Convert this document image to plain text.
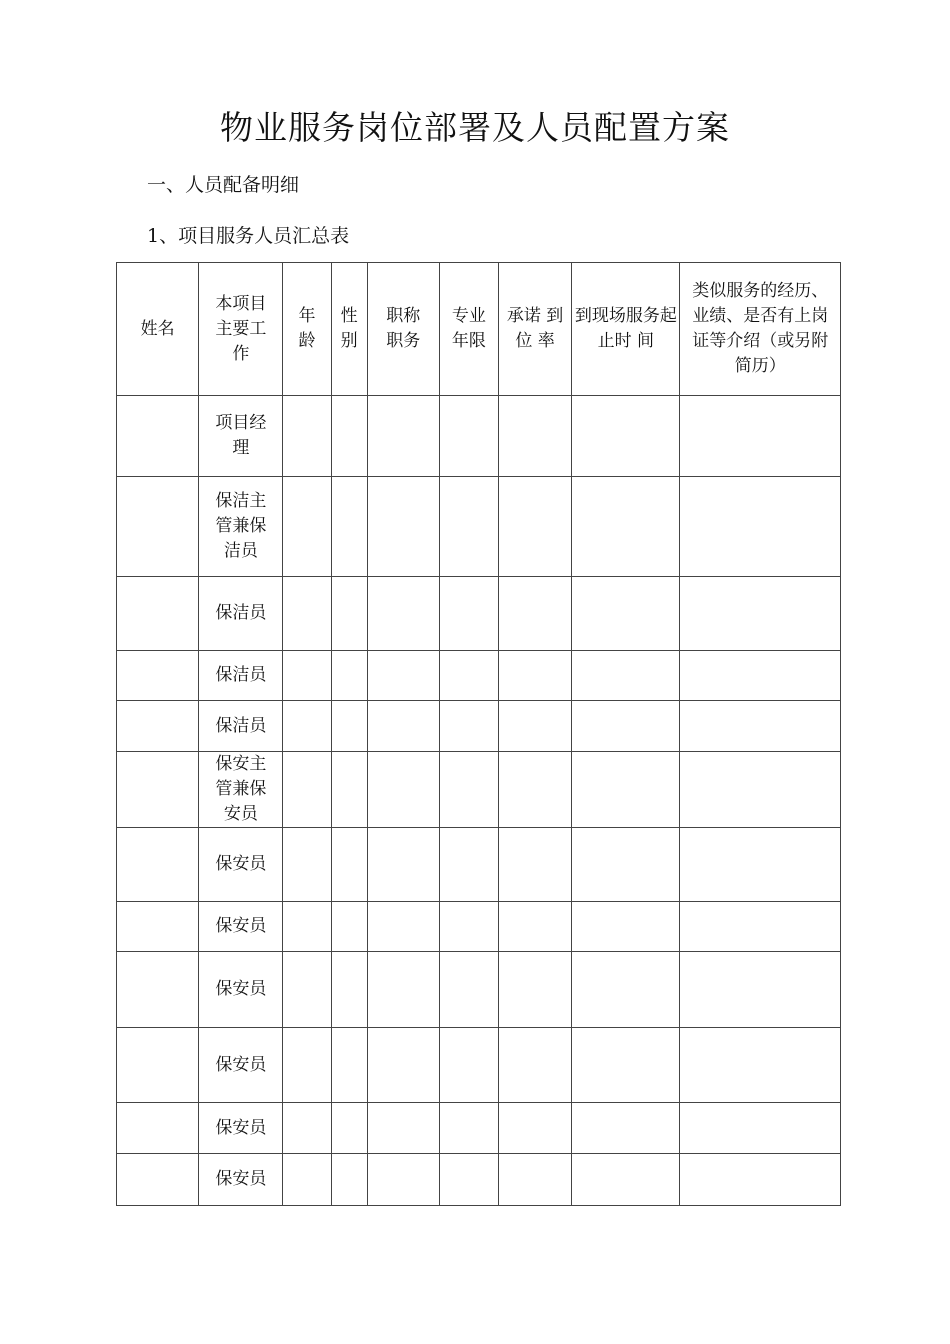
物业服务岗位部署及人员配置方案
一、人员配备明细
1、项目服务人员汇总表
姓名	本项目主要工作	年龄	性别	职称职务	专业年限	承诺 到 位 率	到现场服务起止时 间	类似服务的经历、业绩、是否有上岗证等介绍（或另附简历）
	项目经理							
	保洁主管兼保洁员							
	保洁员							
	保洁员							
	保洁员							
	保安主管兼保安员							
	保安员							
	保安员							
	保安员							
	保安员							
	保安员							
	保安员							
